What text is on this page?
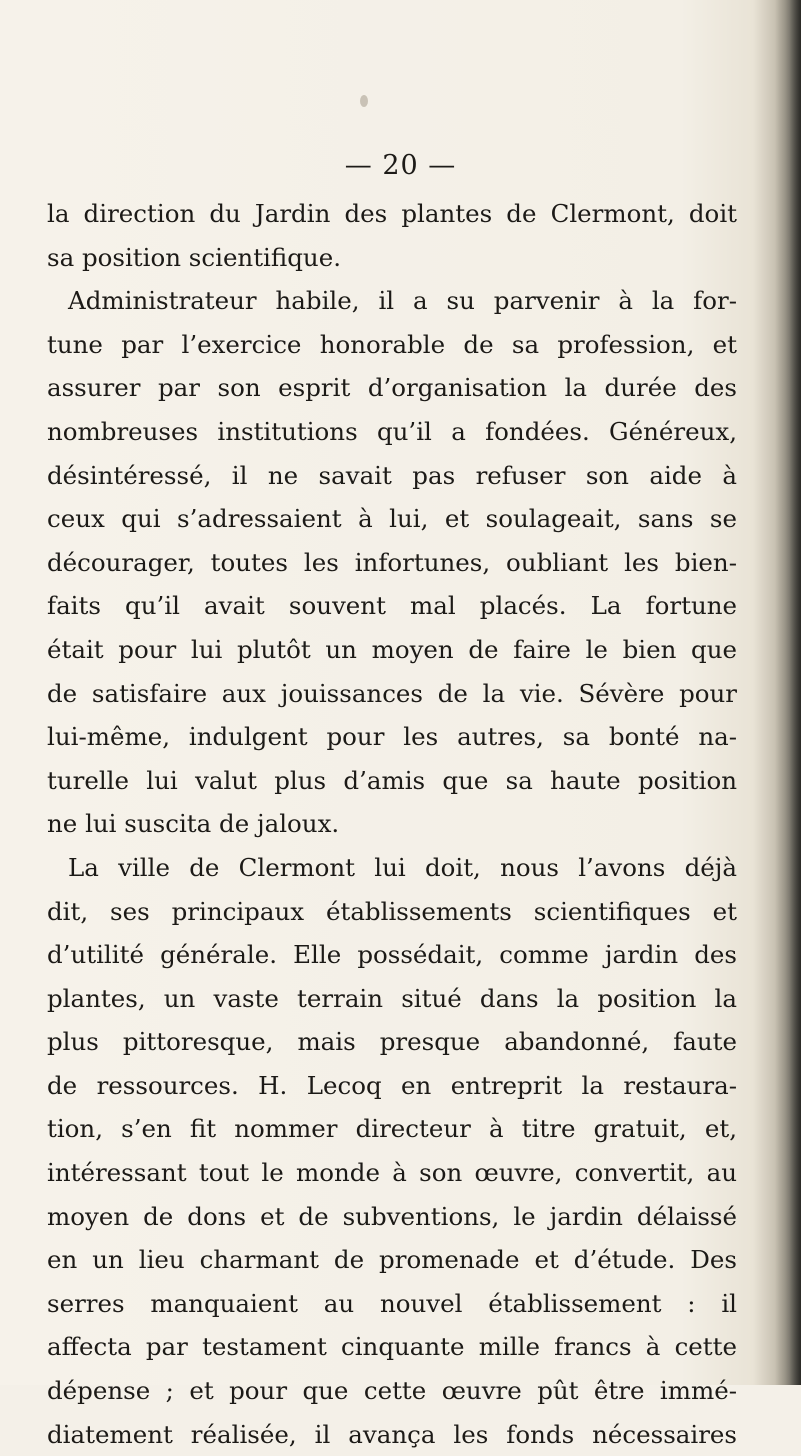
— 20 —
la direction du Jardin des plantes de Clermont, doit
sa position scientifique.
Administrateur habile, il a su parvenir à la for-
tune par l’exercice honorable de sa profession, et
assurer par son esprit d’organisation la durée des
nombreuses institutions qu’il a fondées. Généreux,
désintéressé, il ne savait pas refuser son aide à
ceux qui s’adressaient à lui, et soulageait, sans se
décourager, toutes les infortunes, oubliant les bien-
faits qu’il avait souvent mal placés. La fortune
était pour lui plutôt un moyen de faire le bien que
de satisfaire aux jouissances de la vie. Sévère pour
lui-même, indulgent pour les autres, sa bonté na-
turelle lui valut plus d’amis que sa haute position
ne lui suscita de jaloux.
La ville de Clermont lui doit, nous l’avons déjà
dit, ses principaux établissements scientifiques et
d’utilité générale. Elle possédait, comme jardin des
plantes, un vaste terrain situé dans la position la
plus pittoresque, mais presque abandonné, faute
de ressources. H. Lecoq en entreprit la restaura-
tion, s’en fit nommer directeur à titre gratuit, et,
intéressant tout le monde à son œuvre, convertit, au
moyen de dons et de subventions, le jardin délaissé
en un lieu charmant de promenade et d’étude. Des
serres manquaient au nouvel établissement : il
affecta par testament cinquante mille francs à cette
dépense ; et pour que cette œuvre pût être immé-
diatement réalisée, il avança les fonds nécessaires
